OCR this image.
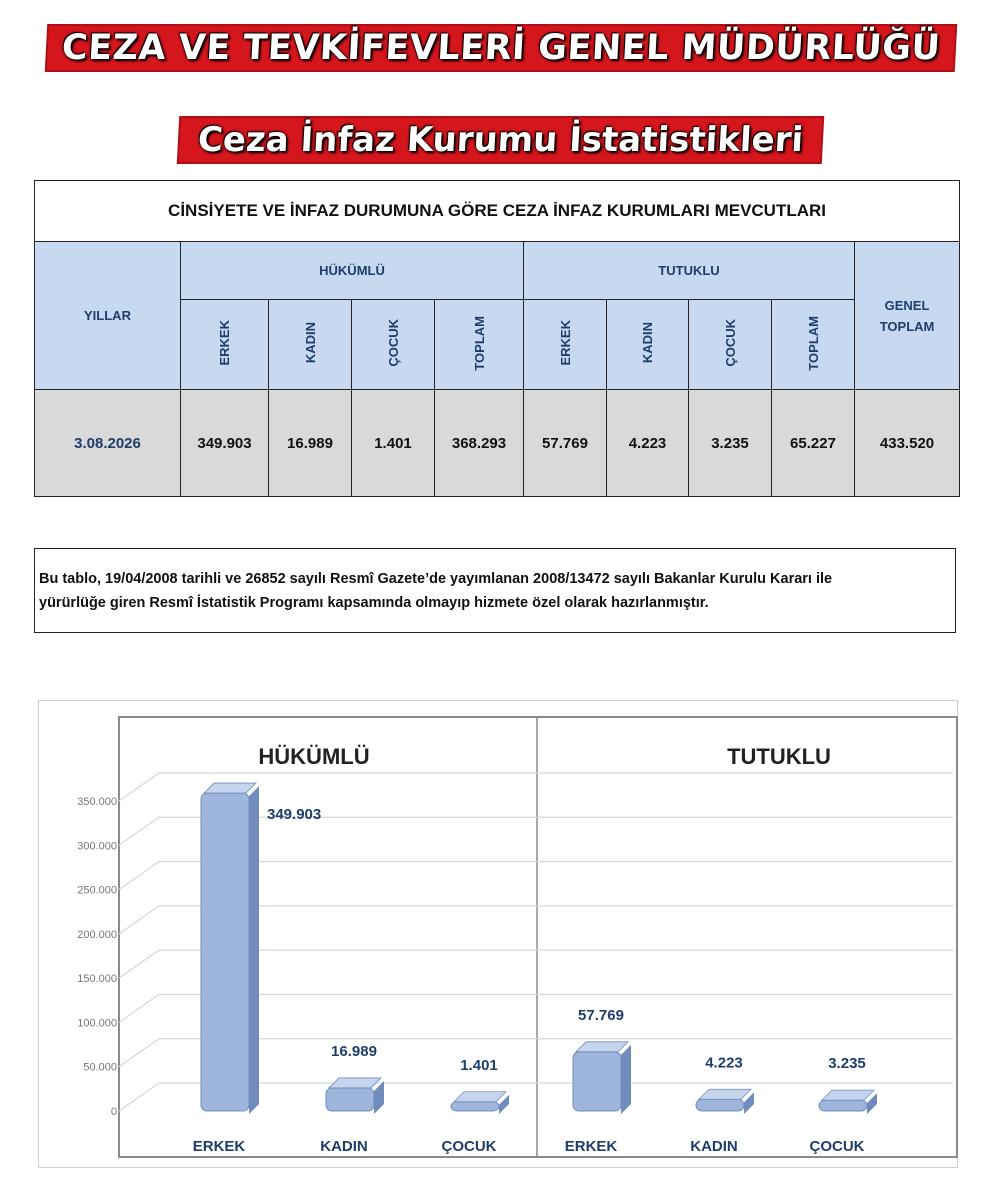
CEZA VE TEVKİFEVLERİ GENEL MÜDÜRLÜĞÜ
Ceza İnfaz Kurumu İstatistikleri
CİNSİYETE VE İNFAZ DURUMUNA GÖRE CEZA İNFAZ KURUMLARI MEVCUTLARI									
YILLAR	HÜKÜMLÜ				TUTUKLU				GENEL TOPLAM
	ERKEK	KADIN	ÇOCUK	TOPLAM	ERKEK	KADIN	ÇOCUK	TOPLAM	
3.08.2026	349.903	16.989	1.401	368.293	57.769	4.223	3.235	65.227	433.520
Bu tablo, 19/04/2008 tarihli ve 26852 sayılı Resmî Gazete’de yayımlanan 2008/13472 sayılı Bakanlar Kurulu Kararı ile
yürürlüğe giren Resmî İstatistik Programı kapsamında olmayıp hizmete özel olarak hazırlanmıştır.
350.000
300.000
250.000
200.000
150.000
100.000
50.000
0
HÜKÜMLÜ
349.903
ERKEK
16.989
KADIN
1.401
ÇOCUK
TUTUKLU
57.769
ERKEK
4.223
KADIN
3.235
ÇOCUK
